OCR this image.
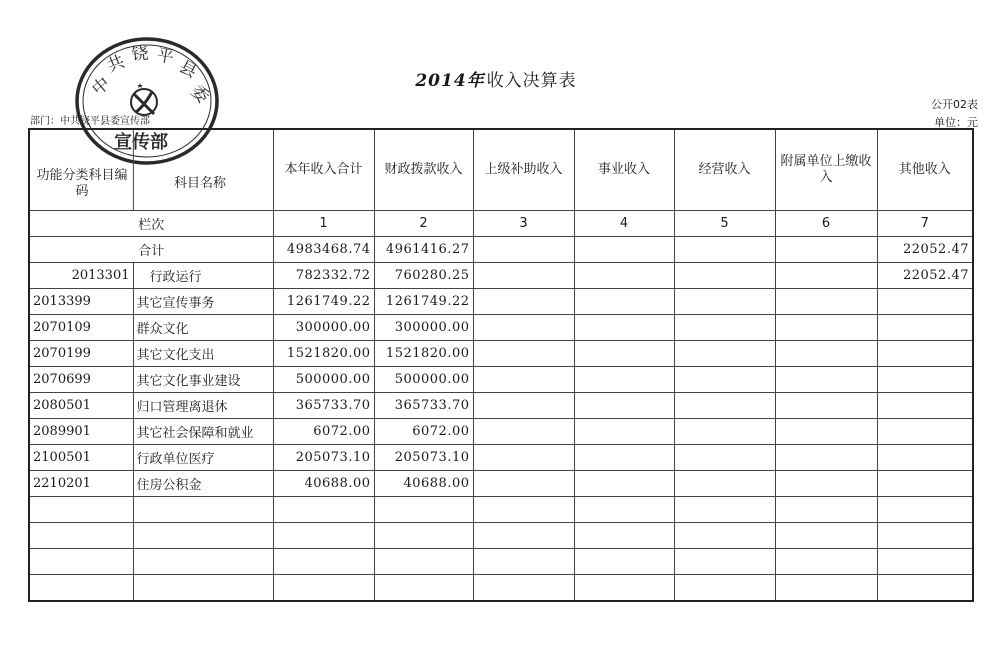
中
共 铙 平
县
委
宣传部
2014年 收入决算表
公开02表
单位：元
部门：中共铙平县委宣传部
功能分类科目编码
科目名称		本年收入合计	财政拨款收入	上级补助收入	事业收入	经营收入	附属单位上缴收入	其他收入
栏次		1	2	3	4	5	6	7
合计		4983468.74	4961416.27					22052.47
2013301	行政运行	782332.72	760280.25					22052.47
2013399	其它宣传事务	1261749.22	1261749.22					
2070109	群众文化	300000.00	300000.00					
2070199	其它文化支出	1521820.00	1521820.00					
2070699	其它文化事业建设	500000.00	500000.00					
2080501	归口管理离退休	365733.70	365733.70					
2089901	其它社会保障和就业	6072.00	6072.00					
2100501	行政单位医疗	205073.10	205073.10					
2210201	住房公积金	40688.00	40688.00					
